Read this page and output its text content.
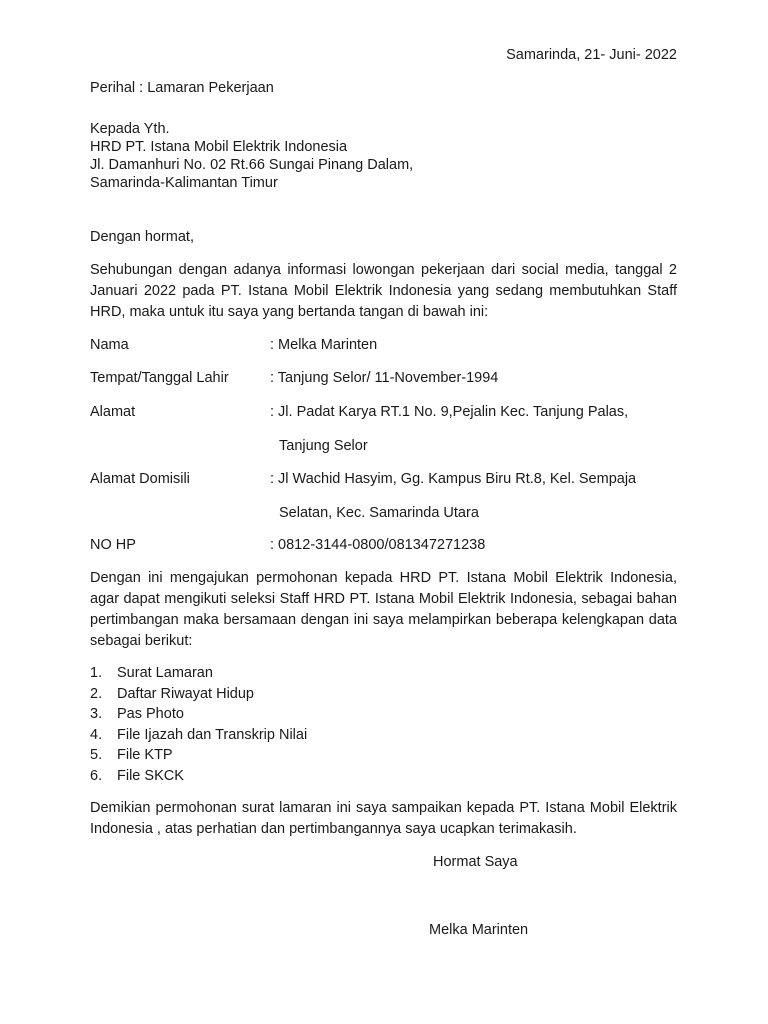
Samarinda, 21- Juni- 2022
Perihal : Lamaran Pekerjaan
Kepada Yth.
HRD PT. Istana Mobil Elektrik Indonesia
Jl. Damanhuri No. 02 Rt.66 Sungai Pinang Dalam,
Samarinda-Kalimantan Timur
Dengan hormat,
Sehubungan dengan adanya informasi lowongan pekerjaan dari social media, tanggal 2 Januari 2022 pada PT. Istana Mobil Elektrik Indonesia yang sedang membutuhkan Staff HRD, maka untuk itu saya yang bertanda tangan di bawah ini:
Nama	: Melka Marinten
Tempat/Tanggal Lahir	: Tanjung Selor/ 11-November-1994
Alamat	: Jl. Padat Karya RT.1 No. 9,Pejalin Kec. Tanjung Palas,
Tanjung Selor
Alamat Domisili	: Jl Wachid Hasyim, Gg. Kampus Biru Rt.8, Kel. Sempaja
Selatan, Kec. Samarinda Utara
NO HP	: 0812-3144-0800/081347271238
Dengan ini mengajukan permohonan kepada HRD PT. Istana Mobil Elektrik Indonesia, agar dapat mengikuti seleksi Staff HRD PT. Istana Mobil Elektrik Indonesia, sebagai bahan pertimbangan maka bersamaan dengan ini saya melampirkan beberapa kelengkapan data sebagai berikut:
1. Surat Lamaran
2. Daftar Riwayat Hidup
3. Pas Photo
4. File Ijazah dan Transkrip Nilai
5. File KTP
6. File SKCK
Demikian permohonan surat lamaran ini saya sampaikan kepada PT. Istana Mobil Elektrik Indonesia , atas perhatian dan pertimbangannya saya ucapkan terimakasih.
Hormat Saya
Melka Marinten
